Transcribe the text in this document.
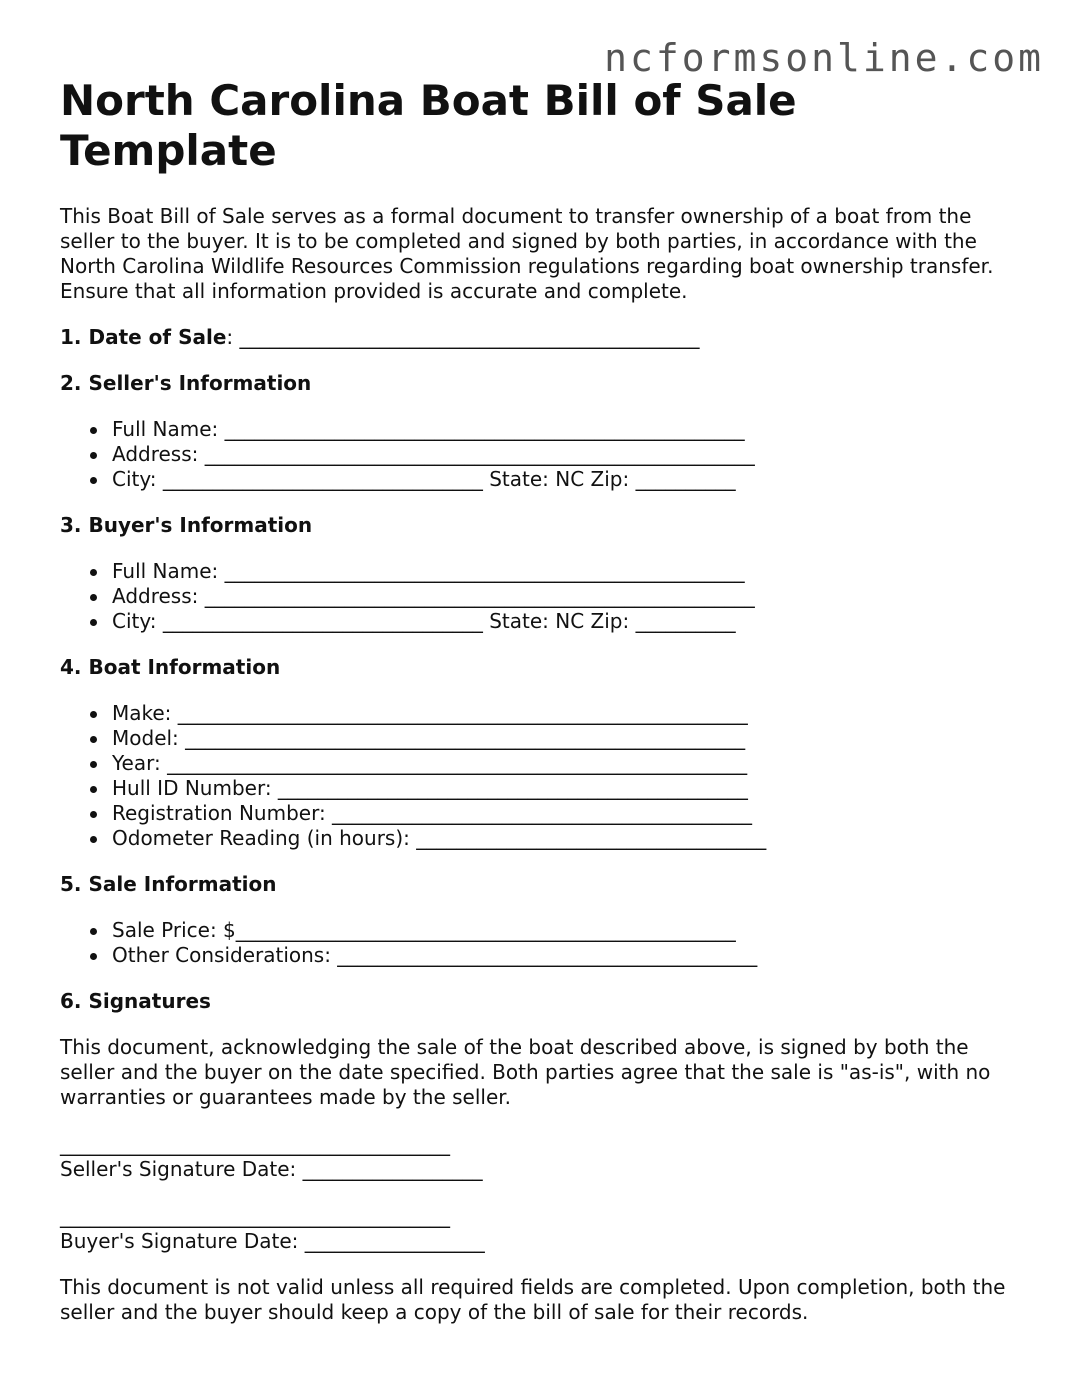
ncformsonline.com
North Carolina Boat Bill of Sale
Template
This Boat Bill of Sale serves as a formal document to transfer ownership of a boat from the seller to the buyer. It is to be completed and signed by both parties, in accordance with the North Carolina Wildlife Resources Commission regulations regarding boat ownership transfer. Ensure that all information provided is accurate and complete.
1. Date of Sale: ______________________________________________
2. Seller's Information
Full Name: ____________________________________________________
Address: _______________________________________________________
City: ________________________________ State: NC Zip: __________
3. Buyer's Information
Full Name: ____________________________________________________
Address: _______________________________________________________
City: ________________________________ State: NC Zip: __________
4. Boat Information
Make: _________________________________________________________
Model: ________________________________________________________
Year: __________________________________________________________
Hull ID Number: _______________________________________________
Registration Number: __________________________________________
Odometer Reading (in hours): ___________________________________
5. Sale Information
Sale Price: $__________________________________________________
Other Considerations: __________________________________________
6. Signatures
This document, acknowledging the sale of the boat described above, is signed by both the seller and the buyer on the date specified. Both parties agree that the sale is "as-is", with no warranties or guarantees made by the seller.
_______________________________________
Seller's Signature Date: __________________
_______________________________________
Buyer's Signature Date: __________________
This document is not valid unless all required fields are completed. Upon completion, both the seller and the buyer should keep a copy of the bill of sale for their records.
